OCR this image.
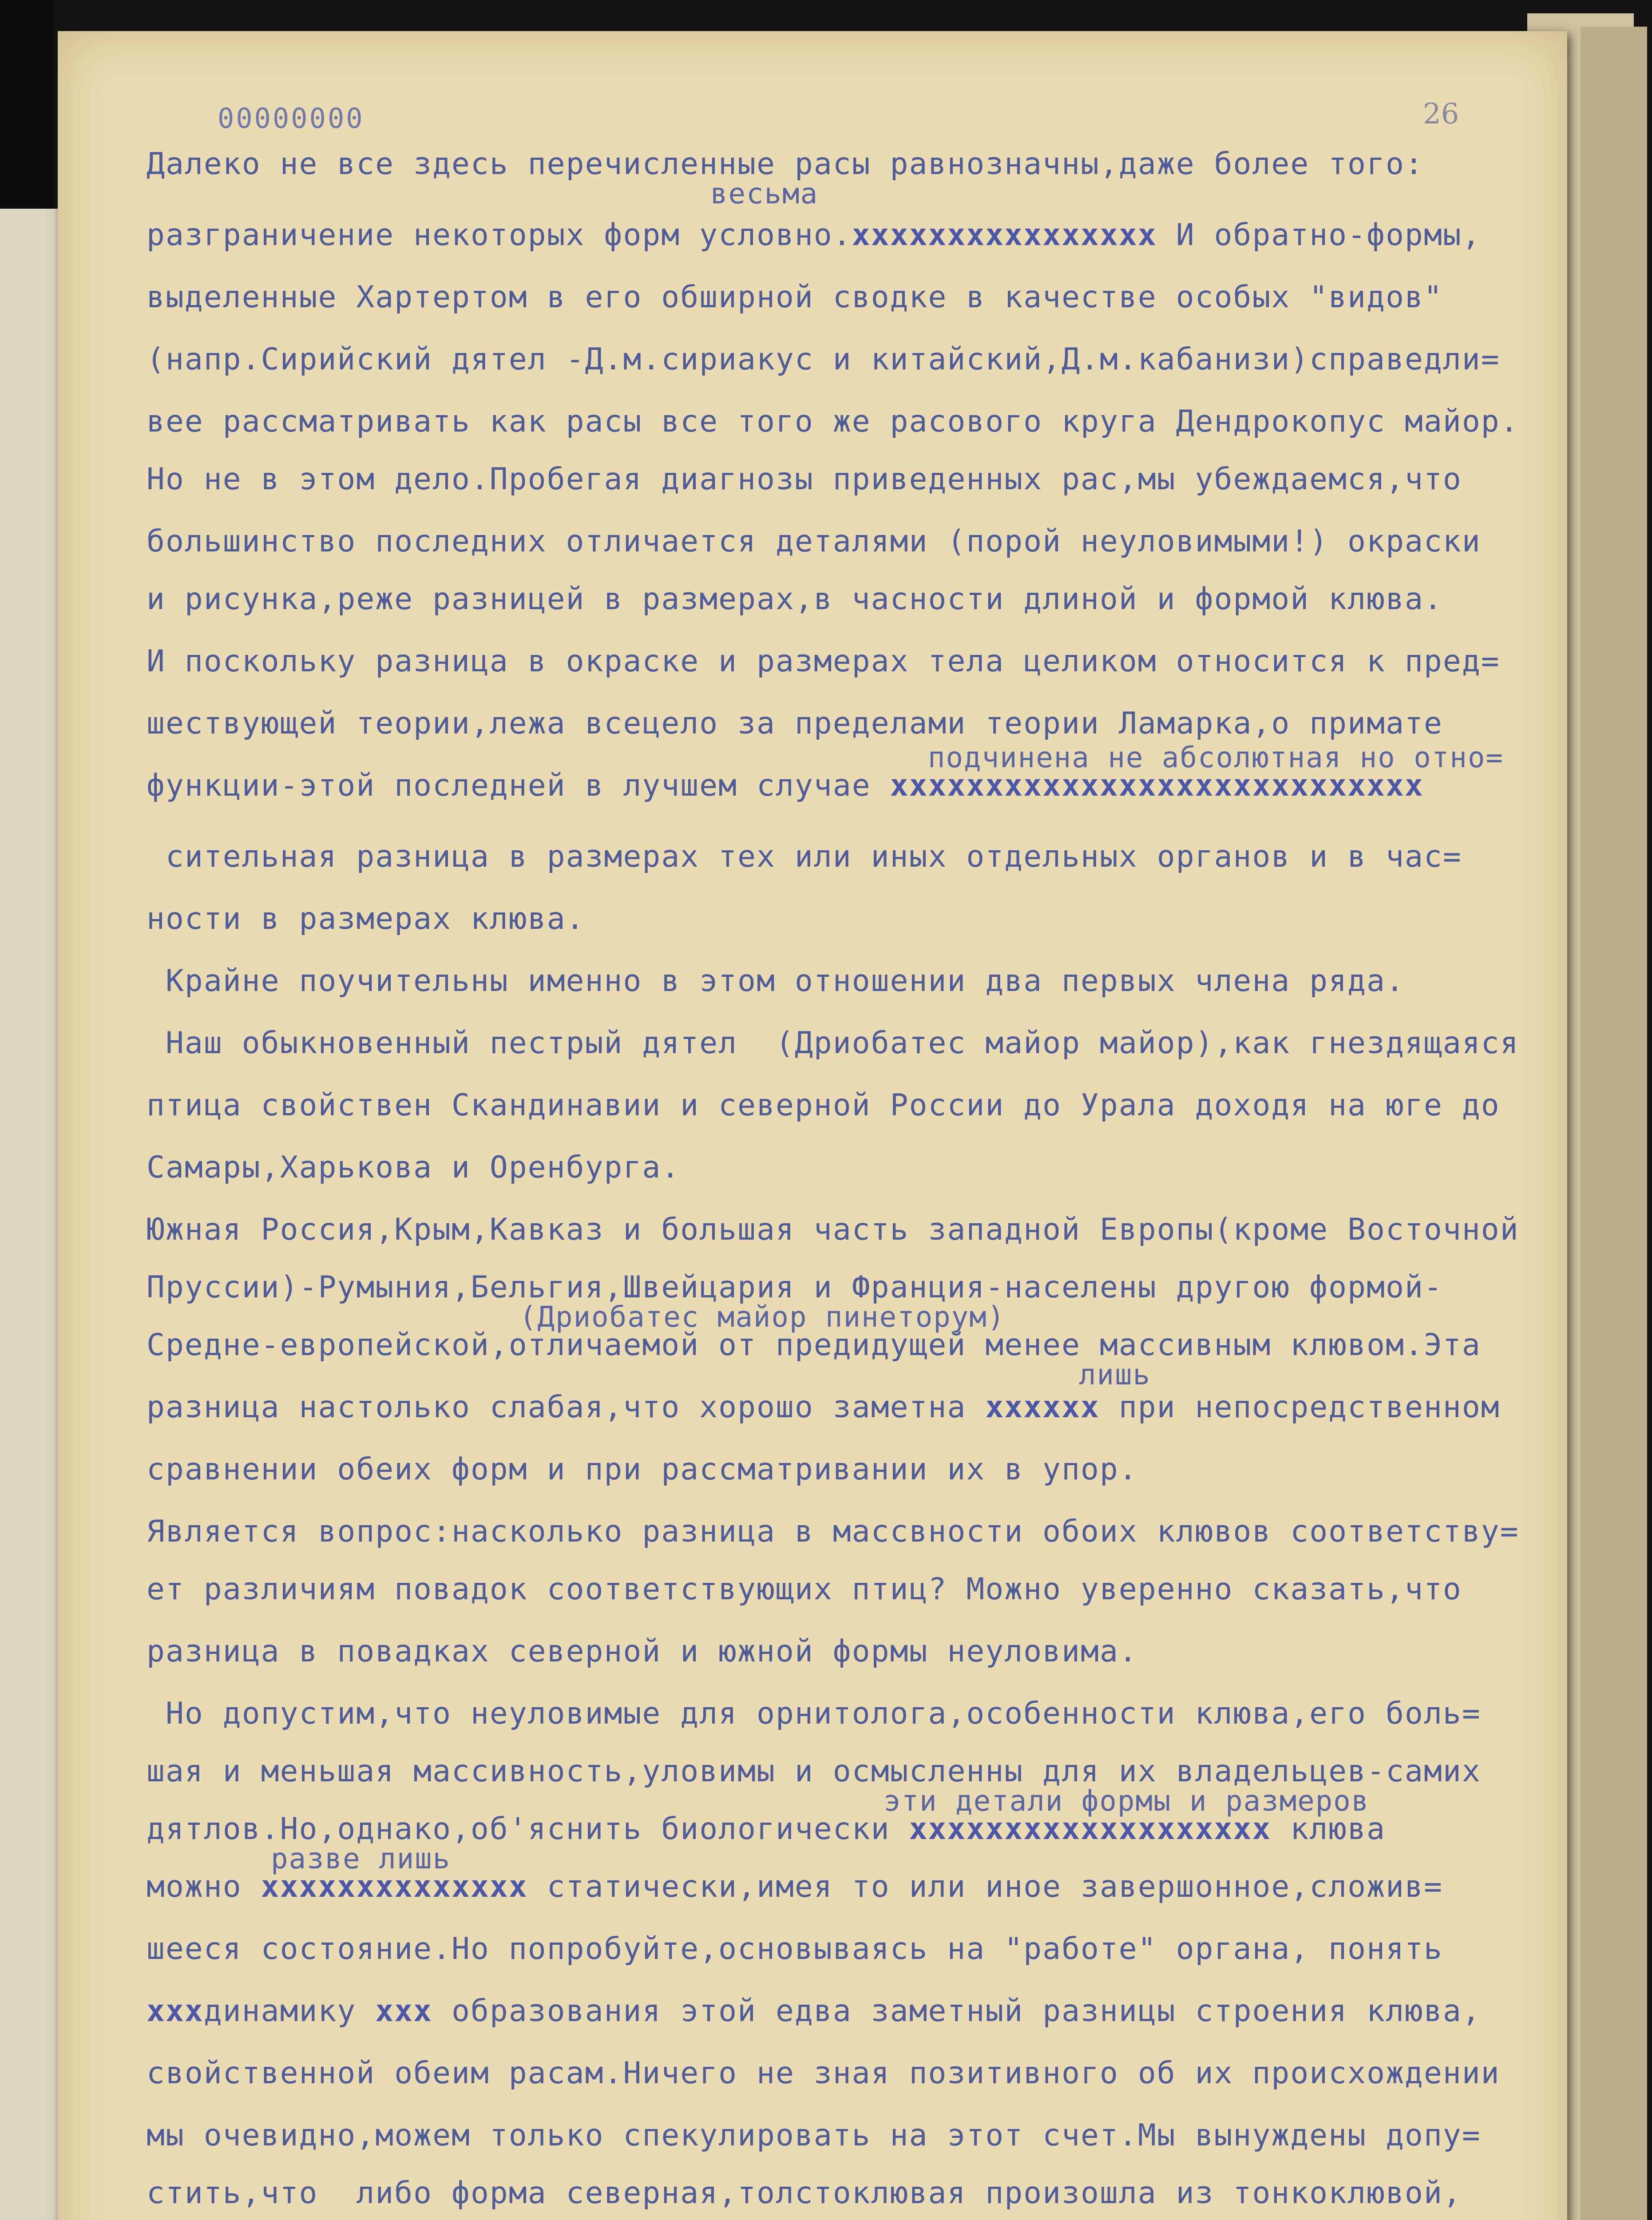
26
00000000
Далеко не все здесь перечисленные расы равнозначны,даже более того:
весьма
разграничение некоторых форм условно.хххххххххххххххх И обратно-формы,
выделенные Хартертом в его обширной сводке в качестве особых "видов"
(напр.Сирийский дятел -Д.м.сириакус и китайский,Д.м.кабанизи)справедли=
вее рассматривать как расы все того же расового круга Дендрокопус майор.
Но не в этом дело.Пробегая диагнозы приведенных рас,мы убеждаемся,что
большинство последних отличается деталями (порой неуловимыми!) окраски
и рисунка,реже разницей в размерах,в часности длиной и формой клюва.
И поскольку разница в окраске и размерах тела целиком относится к пред=
шествующей теории,лежа всецело за пределами теории Ламарка,о примате
подчинена не абсолютная но отно=
функции-этой последней в лучшем случае хххххххххххххххххххххххххххх
сительная разница в размерах тех или иных отдельных органов и в час=
ности в размерах клюва.
Крайне поучительны именно в этом отношении два первых члена ряда.
Наш обыкновенный пестрый дятел  (Дриобатес майор майор),как гнездящаяся
птица свойствен Скандинавии и северной России до Урала доходя на юге до
Самары,Харькова и Оренбурга.
Южная Россия,Крым,Кавказ и большая часть западной Европы(кроме Восточной
Пруссии)-Румыния,Бельгия,Швейцария и Франция-населены другою формой-
(Дриобатес майор пинеторум)
Средне-европейской,отличаемой от предидущей менее массивным клювом.Эта
лишь
разница настолько слабая,что хорошо заметна хххххх при непосредственном
сравнении обеих форм и при рассматривании их в упор.
Является вопрос:насколько разница в массвности обоих клювов соответству=
ет различиям повадок соответствующих птиц? Можно уверенно сказать,что
разница в повадках северной и южной формы неуловима.
Но допустим,что неуловимые для орнитолога,особенности клюва,его боль=
шая и меньшая массивность,уловимы и осмысленны для их владельцев-самих
эти детали формы и размеров
дятлов.Но,однако,об'яснить биологически ххххххххххххххххххх клюва
разве лишь
можно хххххххххххххх статически,имея то или иное завершонное,сложив=
шееся состояние.Но попробуйте,основываясь на "работе" органа, понять
хххдинамику ххх образования этой едва заметный разницы строения клюва,
свойственной обеим расам.Ничего не зная позитивного об их происхождении
мы очевидно,можем только спекулировать на этот счет.Мы вынуждены допу=
стить,что  либо форма северная,толстоклювая произошла из тонкоклювой,
